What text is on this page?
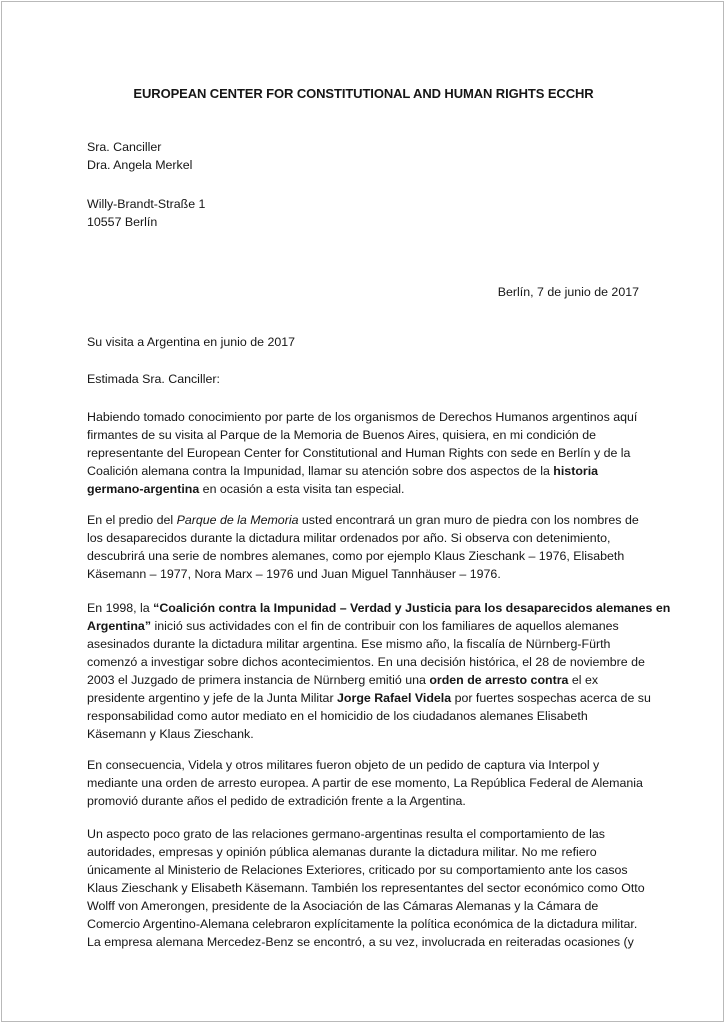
EUROPEAN CENTER FOR CONSTITUTIONAL AND HUMAN RIGHTS ECCHR
Sra. Canciller
Dra. Angela Merkel
Willy-Brandt-Straße 1
10557 Berlín
Berlín, 7 de junio de 2017
Su visita a Argentina en junio de 2017
Estimada Sra. Canciller:
Habiendo tomado conocimiento por parte de los organismos de Derechos Humanos argentinos aquí
firmantes de su visita al Parque de la Memoria de Buenos Aires, quisiera, en mi condición de
representante del European Center for Constitutional and Human Rights con sede en Berlín y de la
Coalición alemana contra la Impunidad, llamar su atención sobre dos aspectos de la historia
germano-argentina en ocasión a esta visita tan especial.
En el predio del Parque de la Memoria usted encontrará un gran muro de piedra con los nombres de
los desaparecidos durante la dictadura militar ordenados por año. Si observa con detenimiento,
descubrirá una serie de nombres alemanes, como por ejemplo Klaus Zieschank – 1976, Elisabeth
Käsemann – 1977, Nora Marx – 1976 und Juan Miguel Tannhäuser – 1976.
En 1998, la “Coalición contra la Impunidad – Verdad y Justicia para los desaparecidos alemanes en
Argentina” inició sus actividades con el fin de contribuir con los familiares de aquellos alemanes
asesinados durante la dictadura militar argentina. Ese mismo año, la fiscalía de Nürnberg-Fürth
comenzó a investigar sobre dichos acontecimientos. En una decisión histórica, el 28 de noviembre de
2003 el Juzgado de primera instancia de Nürnberg emitió una orden de arresto contra el ex
presidente argentino y jefe de la Junta Militar Jorge Rafael Videla por fuertes sospechas acerca de su
responsabilidad como autor mediato en el homicidio de los ciudadanos alemanes Elisabeth
Käsemann y Klaus Zieschank.
En consecuencia, Videla y otros militares fueron objeto de un pedido de captura via Interpol y
mediante una orden de arresto europea. A partir de ese momento, La República Federal de Alemania
promovió durante años el pedido de extradición frente a la Argentina.
Un aspecto poco grato de las relaciones germano-argentinas resulta el comportamiento de las
autoridades, empresas y opinión pública alemanas durante la dictadura militar. No me refiero
únicamente al Ministerio de Relaciones Exteriores, criticado por su comportamiento ante los casos
Klaus Zieschank y Elisabeth Käsemann. También los representantes del sector económico como Otto
Wolff von Amerongen, presidente de la Asociación de las Cámaras Alemanas y la Cámara de
Comercio Argentino-Alemana celebraron explícitamente la política económica de la dictadura militar.
La empresa alemana Mercedez-Benz se encontró, a su vez, involucrada en reiteradas ocasiones (y
